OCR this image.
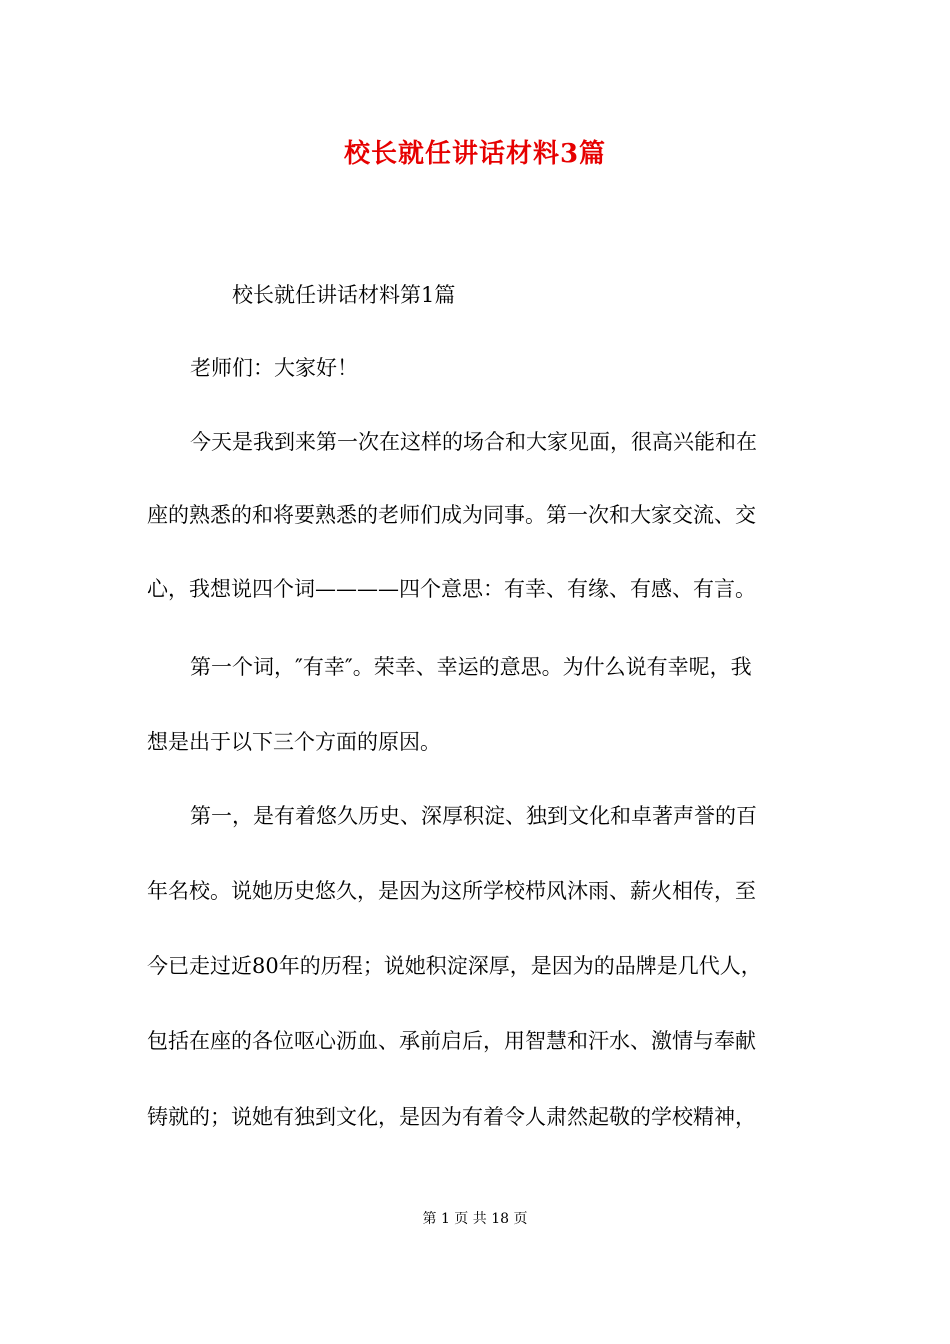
校长就任讲话材料3篇
校长就任讲话材料第1篇
老师们：大家好！
今天是我到来第一次在这样的场合和大家见面，很高兴能和在
座的熟悉的和将要熟悉的老师们成为同事。第一次和大家交流、交
心，我想说四个词————四个意思：有幸、有缘、有感、有言。
第一个词，″有幸″。荣幸、幸运的意思。为什么说有幸呢，我
想是出于以下三个方面的原因。
第一，是有着悠久历史、深厚积淀、独到文化和卓著声誉的百
年名校。说她历史悠久，是因为这所学校栉风沐雨、薪火相传，至
今已走过近80年的历程；说她积淀深厚，是因为的品牌是几代人，
包括在座的各位呕心沥血、承前启后，用智慧和汗水、激情与奉献
铸就的；说她有独到文化，是因为有着令人肃然起敬的学校精神，
第 1 页 共 18 页
